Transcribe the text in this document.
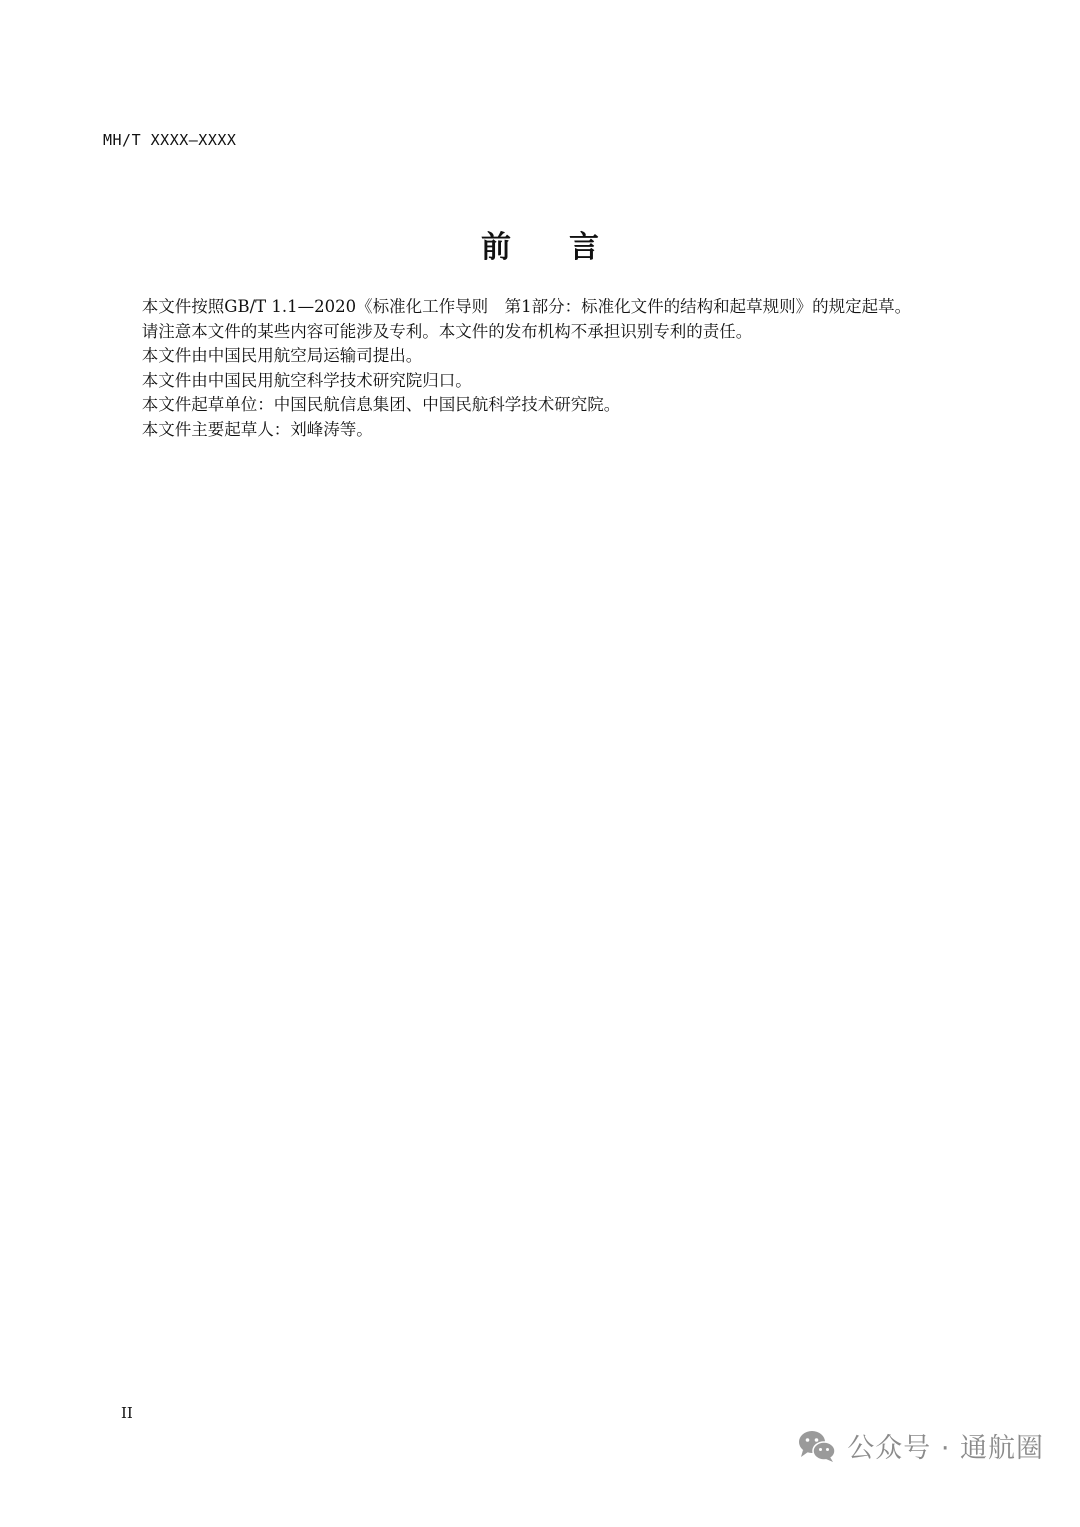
MH/T XXXX—XXXX
前 言

本文件按照GB/T 1.1—2020《标准化工作导则　第1部分：标准化文件的结构和起草规则》的规定起草。

请注意本文件的某些内容可能涉及专利。本文件的发布机构不承担识别专利的责任。

本文件由中国民用航空局运输司提出。

本文件由中国民用航空科学技术研究院归口。

本文件起草单位：中国民航信息集团、中国民航科学技术研究院。

本文件主要起草人：刘峰涛等。

II
公众号 · 通航圈
